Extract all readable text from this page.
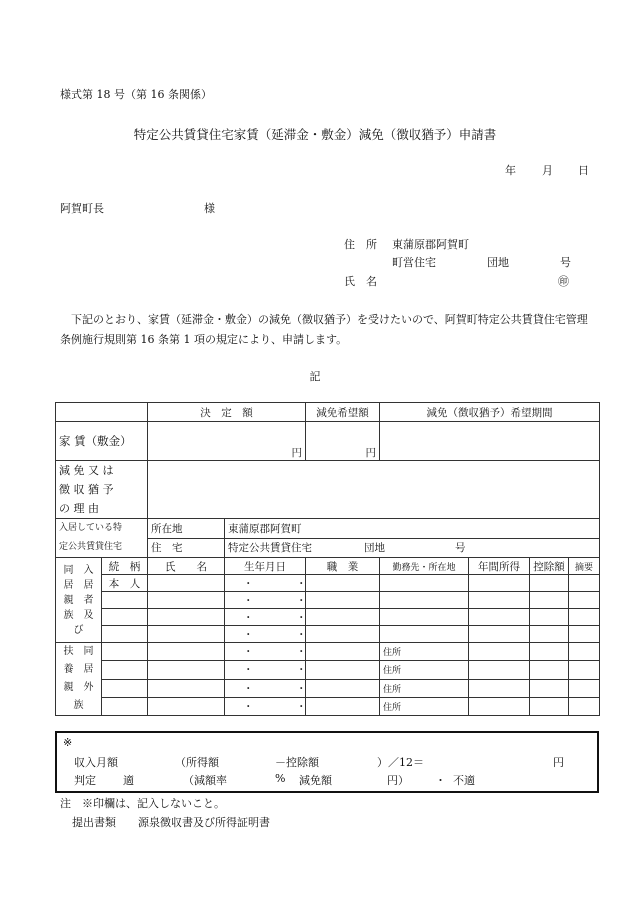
様式第 18 号（第 16 条関係）
特定公共賃貸住宅家賃（延滞金・敷金）減免（徴収猶予）申請書
年 月 日
阿賀町長	様
住　所 東蒲原郡阿賀町
町営住宅	団地	号
氏　名	㊞
下記のとおり、家賃（延滞金・敷金）の減免（徴収猶予）を受けたいので、阿賀町特定公共賃貸住宅管理条例施行規則第 16 条第 1 項の規定により、申請します。
記
		決　定　額		減免希望額	減免（徴収猶予）希望期間			
家 賃（敷金）		円		円				

減 免 又 は
徴 収 猶 予
の 理 由								

入居している特
定公共賃貸住宅		所在地	東蒲原郡阿賀町					
		住　宅	特定公共賃貸住宅 団地 号					

同　入
居　居
親　者
族　及
び	続　柄	氏　　名	生年月日	職　業	勤務先・所在地	年間所得	控除額	摘要
	本　人		・　・					
			・　・					
			・　・					
			・　・					

扶　同
養　居
親　外
族			・　・		住所			
			・　・		住所			
			・　・		住所			
			・　・		住所			
※
収入月額	（所得額	－控除額	）／12＝	円
判定 適	（減額率	% 減免額	円） ・ 不適
注　※印欄は、記入しないこと。
提出書類　　源泉徴収書及び所得証明書
